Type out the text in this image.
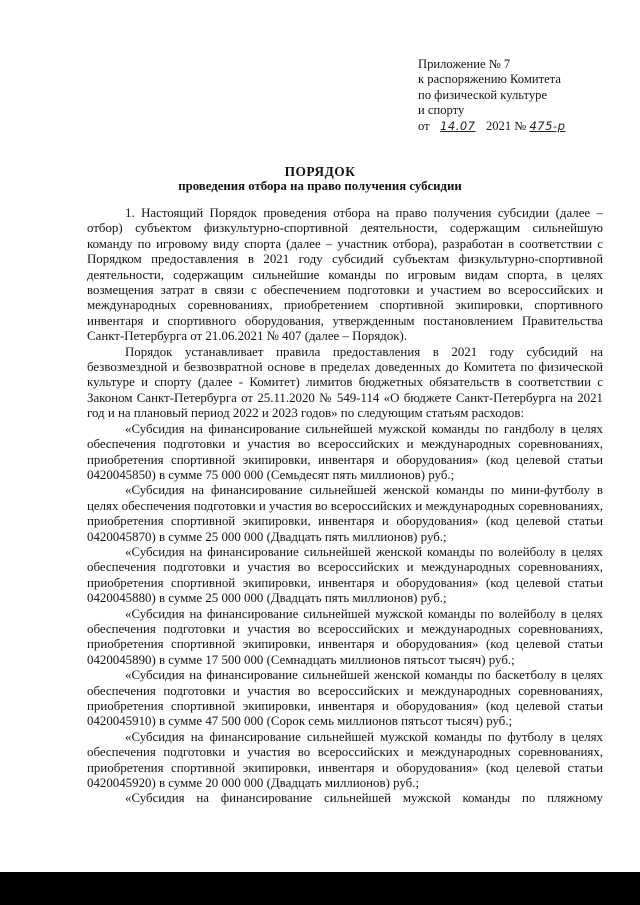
Приложение № 7
к распоряжению Комитета
по физической культуре
и спорту
от 14.07 2021 № 475-р
ПОРЯДОК
проведения отбора на право получения субсидии

1. Настоящий Порядок проведения отбора на право получения субсидии (далее – отбор) субъектом физкультурно-спортивной деятельности, содержащим сильнейшую команду по игровому виду спорта (далее – участник отбора), разработан в соответствии с Порядком предоставления в 2021 году субсидий субъектам физкультурно-спортивной деятельности, содержащим сильнейшие команды по игровым видам спорта, в целях возмещения затрат в связи с обеспечением подготовки и участием во всероссийских и международных соревнованиях, приобретением спортивной экипировки, спортивного инвентаря и спортивного оборудования, утвержденным постановлением Правительства Санкт-Петербурга от 21.06.2021 № 407 (далее – Порядок).

Порядок устанавливает правила предоставления в 2021 году субсидий на безвозмездной и безвозвратной основе в пределах доведенных до Комитета по физической культуре и спорту (далее - Комитет) лимитов бюджетных обязательств в соответствии с Законом Санкт-Петербурга от 25.11.2020 № 549-114 «О бюджете Санкт-Петербурга на 2021 год и на плановый период 2022 и 2023 годов» по следующим статьям расходов:

«Субсидия на финансирование сильнейшей мужской команды по гандболу в целях обеспечения подготовки и участия во всероссийских и международных соревнованиях, приобретения спортивной экипировки, инвентаря и оборудования» (код целевой статьи 0420045850) в сумме 75 000 000 (Семьдесят пять миллионов) руб.;

«Субсидия на финансирование сильнейшей женской команды по мини-футболу в целях обеспечения подготовки и участия во всероссийских и международных соревнованиях, приобретения спортивной экипировки, инвентаря и оборудования» (код целевой статьи 0420045870) в сумме 25 000 000 (Двадцать пять миллионов) руб.;

«Субсидия на финансирование сильнейшей женской команды по волейболу в целях обеспечения подготовки и участия во всероссийских и международных соревнованиях, приобретения спортивной экипировки, инвентаря и оборудования» (код целевой статьи 0420045880) в сумме 25 000 000 (Двадцать пять миллионов) руб.;

«Субсидия на финансирование сильнейшей мужской команды по волейболу в целях обеспечения подготовки и участия во всероссийских и международных соревнованиях, приобретения спортивной экипировки, инвентаря и оборудования» (код целевой статьи 0420045890) в сумме 17 500 000 (Семнадцать миллионов пятьсот тысяч) руб.;

«Субсидия на финансирование сильнейшей женской команды по баскетболу в целях обеспечения подготовки и участия во всероссийских и международных соревнованиях, приобретения спортивной экипировки, инвентаря и оборудования» (код целевой статьи 0420045910) в сумме 47 500 000 (Сорок семь миллионов пятьсот тысяч) руб.;

«Субсидия на финансирование сильнейшей мужской команды по футболу в целях обеспечения подготовки и участия во всероссийских и международных соревнованиях, приобретения спортивной экипировки, инвентаря и оборудования» (код целевой статьи 0420045920) в сумме 20 000 000 (Двадцать миллионов) руб.;

«Субсидия на финансирование сильнейшей мужской команды по пляжному
